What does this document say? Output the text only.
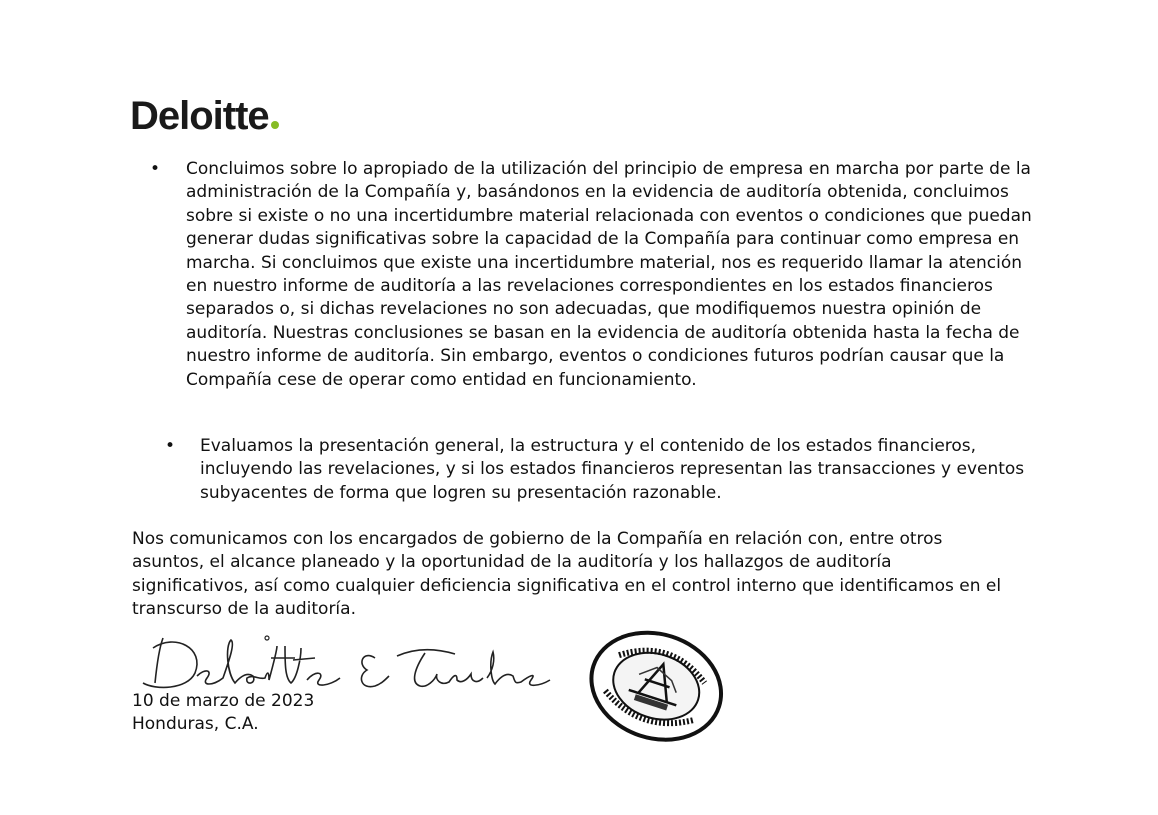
Deloitte
• Concluimos sobre lo apropiado de la utilización del principio de empresa en marcha por parte de la administración de la Compañía y, basándonos en la evidencia de auditoría obtenida, concluimos sobre si existe o no una incertidumbre material relacionada con eventos o condiciones que puedan generar dudas significativas sobre la capacidad de la Compañía para continuar como empresa en marcha. Si concluimos que existe una incertidumbre material, nos es requerido llamar la atención en nuestro informe de auditoría a las revelaciones correspondientes en los estados financieros separados o, si dichas revelaciones no son adecuadas, que modifiquemos nuestra opinión de auditoría. Nuestras conclusiones se basan en la evidencia de auditoría obtenida hasta la fecha de nuestro informe de auditoría. Sin embargo, eventos o condiciones futuros podrían causar que la Compañía cese de operar como entidad en funcionamiento.

• Evaluamos la presentación general, la estructura y el contenido de los estados financieros, incluyendo las revelaciones, y si los estados financieros representan las transacciones y eventos subyacentes de forma que logren su presentación razonable.

Nos comunicamos con los encargados de gobierno de la Compañía en relación con, entre otros asuntos, el alcance planeado y la oportunidad de la auditoría y los hallazgos de auditoría significativos, así como cualquier deficiencia significativa en el control interno que identificamos en el transcurso de la auditoría.

10 de marzo de 2023
Honduras, C.A.
